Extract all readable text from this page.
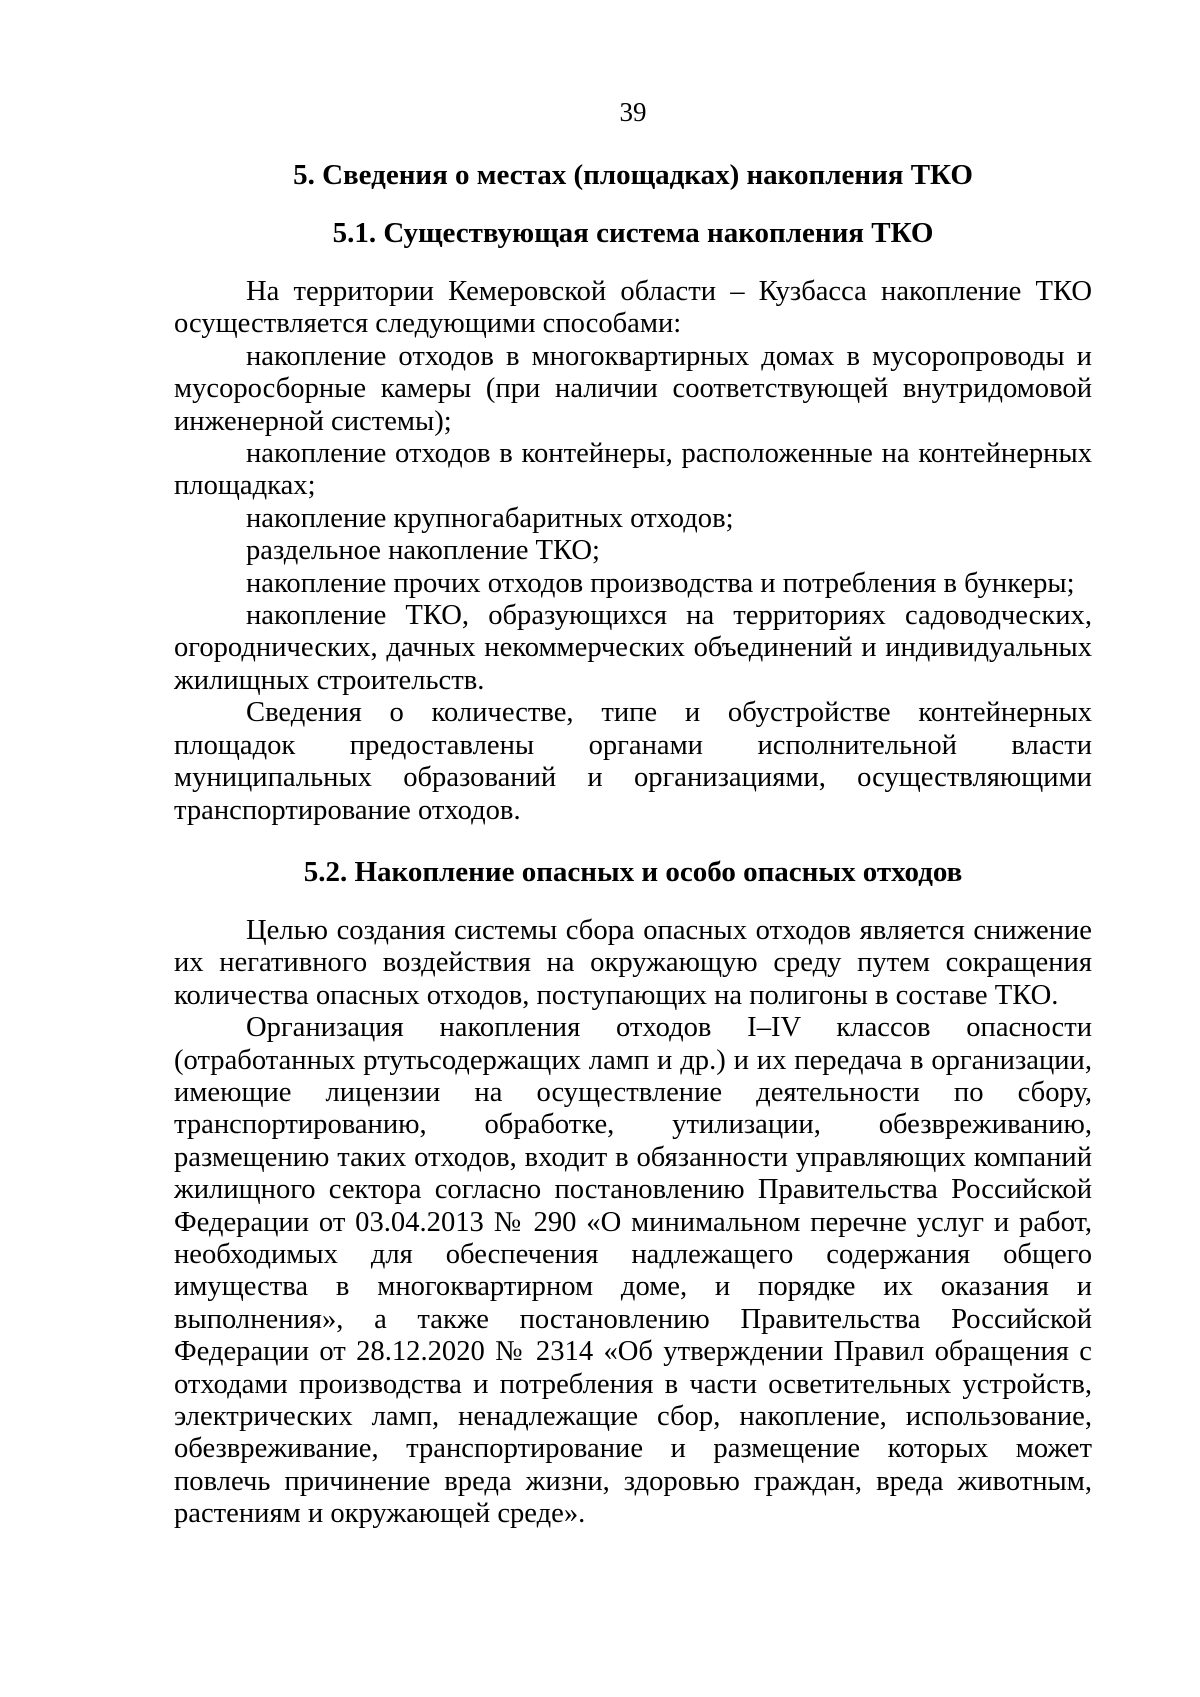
39
5. Сведения о местах (площадках) накопления ТКО
5.1. Существующая система накопления ТКО

На территории Кемеровской области – Кузбасса накопление ТКО осуществляется следующими способами:

накопление отходов в многоквартирных домах в мусоропроводы и мусоросборные камеры (при наличии соответствующей внутридомовой инженерной системы);

накопление отходов в контейнеры, расположенные на контейнерных площадках;

накопление крупногабаритных отходов;

раздельное накопление ТКО;

накопление прочих отходов производства и потребления в бункеры;

накопление ТКО, образующихся на территориях садоводческих, огороднических, дачных некоммерческих объединений и индивидуальных жилищных строительств.

Сведения о количестве, типе и обустройстве контейнерных площадок предоставлены органами исполнительной власти муниципальных образований и организациями, осуществляющими транспортирование отходов.

5.2. Накопление опасных и особо опасных отходов

Целью создания системы сбора опасных отходов является снижение их негативного воздействия на окружающую среду путем сокращения количества опасных отходов, поступающих на полигоны в составе ТКО.

Организация накопления отходов I–IV классов опасности (отработанных ртутьсодержащих ламп и др.) и их передача в организации, имеющие лицензии на осуществление деятельности по сбору, транспортированию, обработке, утилизации, обезвреживанию, размещению таких отходов, входит в обязанности управляющих компаний жилищного сектора согласно постановлению Правительства Российской Федерации от 03.04.2013 № 290 «О минимальном перечне услуг и работ, необходимых для обеспечения надлежащего содержания общего имущества в многоквартирном доме, и порядке их оказания и выполнения», а также постановлению Правительства Российской Федерации от 28.12.2020 № 2314 «Об утверждении Правил обращения с отходами производства и потребления в части осветительных устройств, электрических ламп, ненадлежащие сбор, накопление, использование, обезвреживание, транспортирование и размещение которых может повлечь причинение вреда жизни, здоровью граждан, вреда животным, растениям и окружающей среде».
